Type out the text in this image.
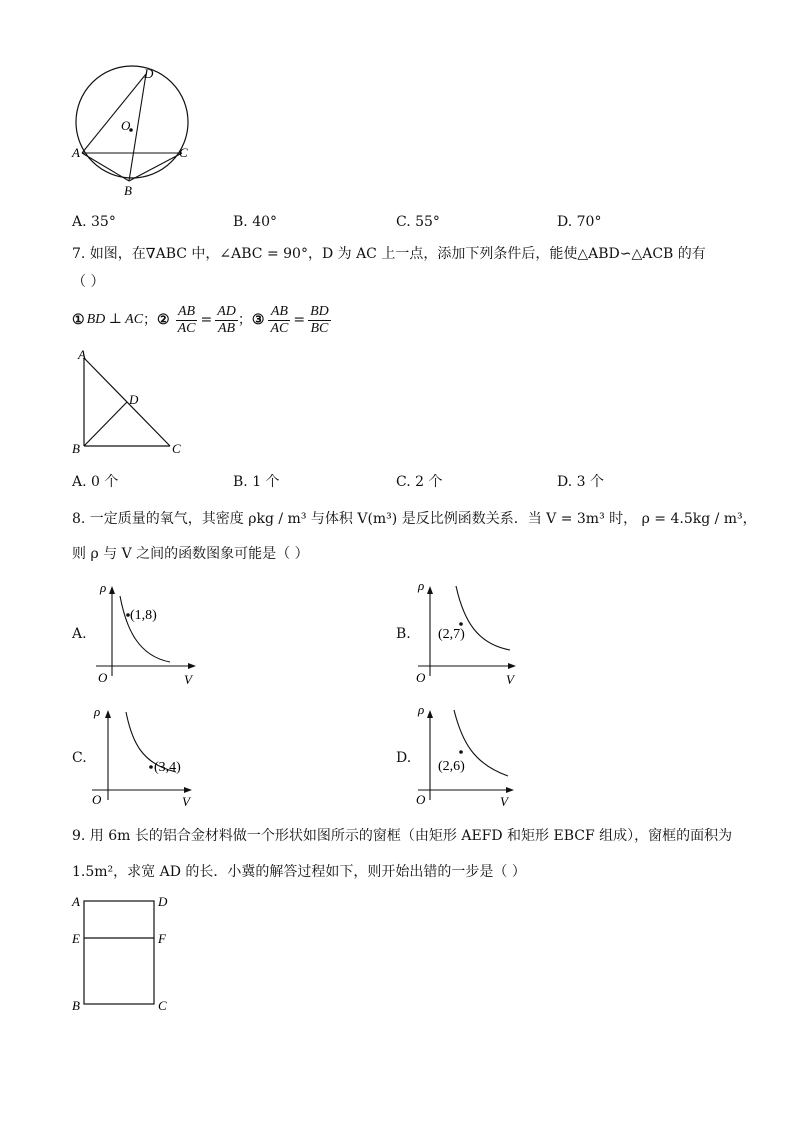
D
O
A	C
B
A. 35°	B. 40°	C. 55°	D. 70°
7. 如图，在∇ABC 中，∠ABC = 90°，D 为 AC 上一点，添加下列条件后，能使△ABD∽△ACB 的有
（ ）
① BD ⊥ AC ； ② $\frac{AB}{AC} = \frac{AD}{AB}$ ； ③ $\frac{AB}{AC} = \frac{BD}{BC}$
A
D
B	C
A. 0 个	B. 1 个	C. 2 个	D. 3 个
8. 一定质量的氧气，其密度 ρkg / m³ 与体积 V(m³) 是反比例函数关系．当 V = 3m³ 时， ρ = 4.5kg / m³，
则 ρ 与 V 之间的函数图象可能是（ ）
A.
(1,8)
ρ
V
O
B. (2,7)
ρ
V
O
C.
(3,4)
ρ
V
O
D.
(2,6)
ρ
V
O
9. 用 6m 长的铝合金材料做一个形状如图所示的窗框（由矩形 AEFD 和矩形 EBCF 组成），窗框的面积为
1.5m²，求宽 AD 的长．小冀的解答过程如下，则开始出错的一步是（ ）
A	D
E	F
B	C
